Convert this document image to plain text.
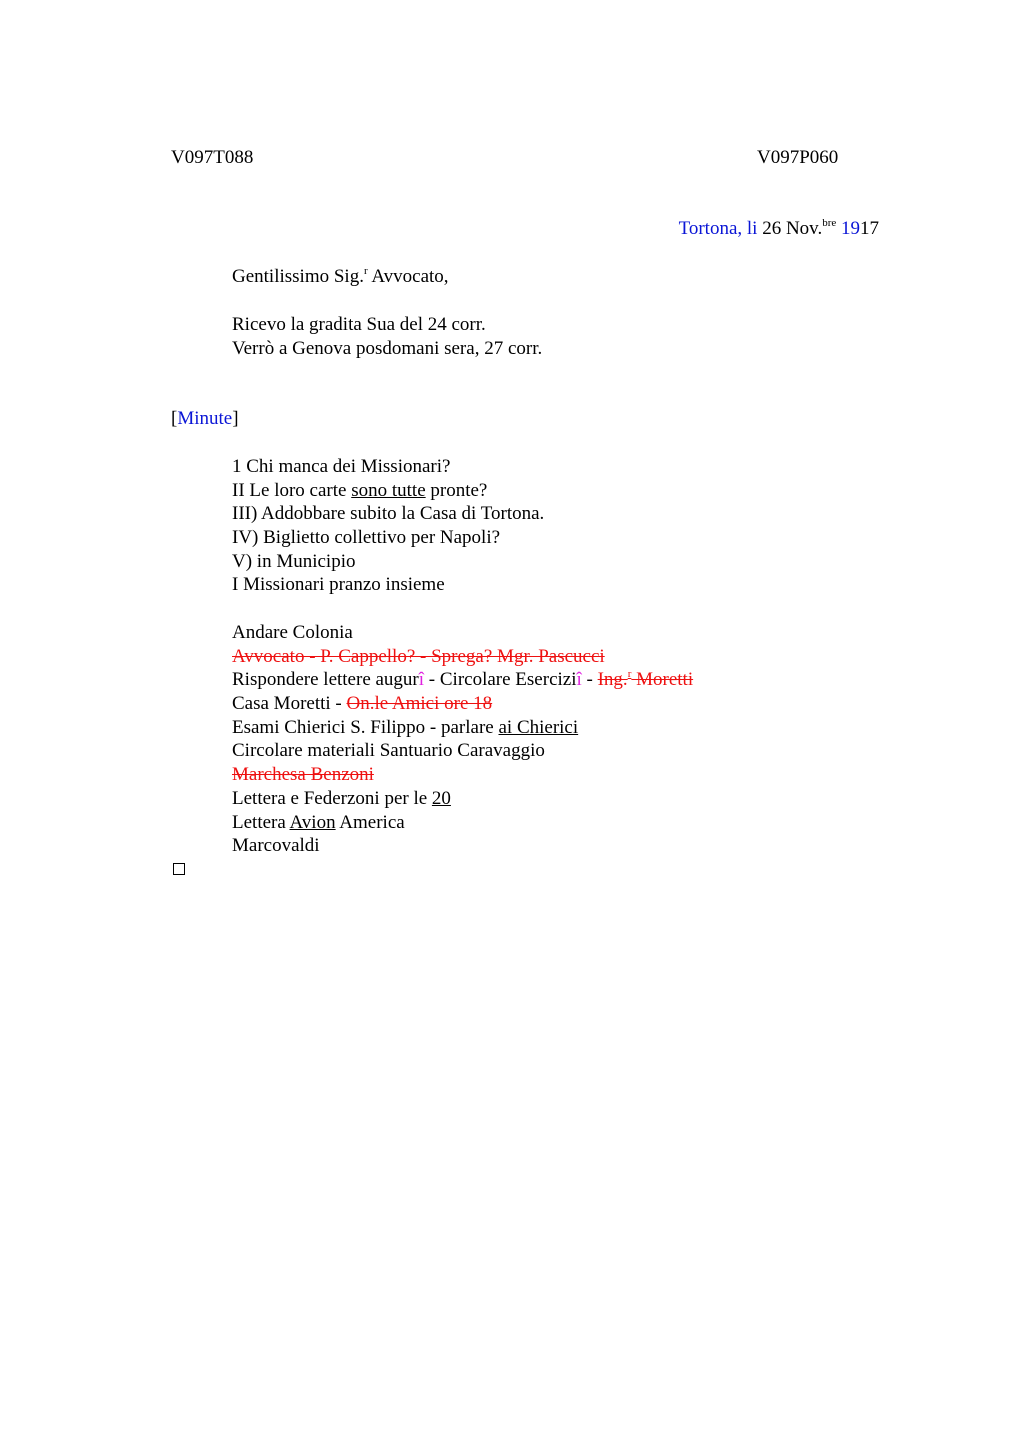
V097T088	V097P060
Tortona, li 26 Nov.$^{bre}$ 1917
Gentilissimo Sig.$^r$ Avvocato,
Ricevo la gradita Sua del 24 corr.
Verrò a Genova posdomani sera, 27 corr.
[Minute]
1 Chi manca dei Missionari?
II Le loro carte sono tutte pronte?
III) Addobbare subito la Casa di Tortona.
IV) Biglietto collettivo per Napoli?
V) in Municipio
I Missionari pranzo insieme
Andare Colonia
Avvocato - P. Cappello? - Sprega? Mgr. Pascucci
Rispondere lettere augurî - Circolare Eserciziî - Ing.$^r$ Moretti
Casa Moretti - On.le Amici ore 18
Esami Chierici S. Filippo - parlare ai Chierici
Circolare materiali Santuario Caravaggio
Marchesa Benzoni
Lettera e Federzoni per le 20
Lettera Avion America
Marcovaldi
